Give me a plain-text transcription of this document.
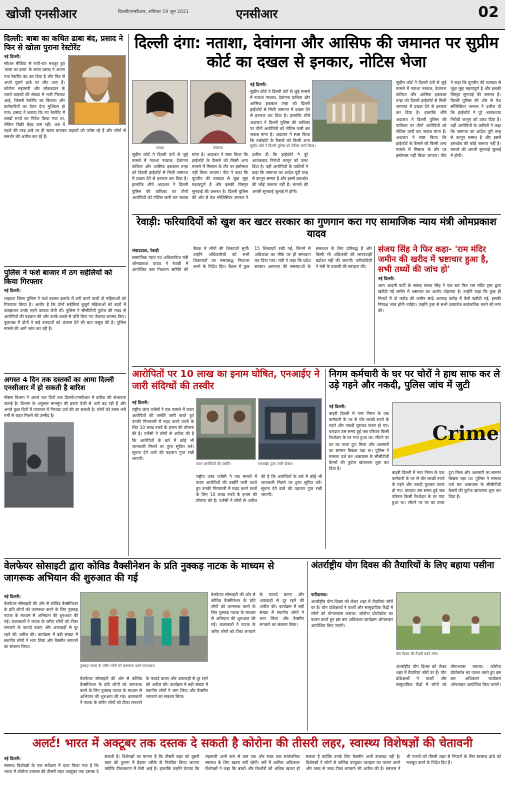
खोजी एनसीआर	दिल्ली/एनसीआर, शनिवार 19 जून 2021	एनसीआर	02
दिल्ली: बाबा का कथित ढाबा बंद, प्रसाद ने फिर से खोला पुराना रेस्टोरेंट
नई दिल्ली।
सोशल मीडिया से रातों-रात मशहूर हुए 'बाबा का ढाबा' के कांता प्रसाद ने अपना नया रेस्टोरेंट बंद कर दिया है और फिर से अपने पुराने ढाबे पर लौट आए हैं। कोरोना महामारी और लॉकडाउन के चलते ग्राहकों की संख्या में भारी गिरावट आई, जिससे रेस्टोरेंट का किराया और कर्मचारियों का वेतन देना मुश्किल हो गया। प्रसाद ने बताया कि नए रेस्टोरेंट में लाखों रुपये का निवेश किया गया था, लेकिन बिक्री बेहद कम रही। अब वे पहले की तरह ढाबे पर ही खाना बनाकर ग्राहकों को परोस रहे हैं और लोगों से समर्थन की अपील कर रहे हैं।
पुलिस ने फर्श बाजार में ठग सहेलियों को किया गिरफ्तार
नई दिल्ली।
शाहदरा जिला पुलिस ने फर्श बाजार इलाके में ठगी करने वाली दो महिलाओं को गिरफ्तार किया है। आरोप है कि दोनों सहेलियां बुजुर्ग महिलाओं को बातों में उलझाकर उनके गहने उतरवा लेती थीं। पुलिस ने सीसीटीवी फुटेज की मदद से आरोपियों की पहचान की और उनके कब्जे से चोरी किए गए जेवरात बरामद किए। पूछताछ में दोनों ने कई वारदातों को अंजाम देने की बात कबूल की है। पुलिस मामले की आगे जांच कर रही है।
अगस्त 4 दिन तक दस्तकों का आमा दिल्ली एनसीआर में हो सकती है बारिश
मौसम विभाग ने अगले चार दिनों तक दिल्ली-एनसीआर में बारिश की संभावना जताई है। विभाग के अनुसार मानसून की हवाएं तेजी से आगे बढ़ रही हैं और अगले कुछ दिनों में तापमान में गिरावट दर्ज की जा सकती है। लोगों को उमस भरी गर्मी से राहत मिलने की उम्मीद है।
दिल्ली दंगा: नताशा, देवांगना और आसिफ की जमानत पर सुप्रीम कोर्ट का दखल से इनकार, नोटिस भेजा
नताशा	देवांगना	सुप्रीम कोर्ट ने दिल्ली पुलिस को नोटिस जारी किया।
नई दिल्ली।
सुप्रीम कोर्ट ने दिल्ली दंगों से जुड़े मामले में नताशा नरवाल, देवांगना कलिता और आसिफ इकबाल तन्हा को दिल्ली हाईकोर्ट से मिली जमानत में दखल देने से इनकार कर दिया है। हालांकि शीर्ष अदालत ने दिल्ली पुलिस की याचिका पर तीनों आरोपियों को नोटिस जारी कर जवाब मांगा है। अदालत ने स्पष्ट किया कि हाईकोर्ट के फैसले को किसी अन्य
सुप्रीम कोर्ट ने दिल्ली दंगों से जुड़े मामले में नताशा नरवाल, देवांगना कलिता और आसिफ इकबाल तन्हा को दिल्ली हाईकोर्ट से मिली जमानत में दखल देने से इनकार कर दिया है। हालांकि शीर्ष अदालत ने दिल्ली पुलिस की याचिका पर तीनों आरोपियों को नोटिस जारी कर जवाब मांगा है। अदालत ने स्पष्ट किया कि हाईकोर्ट के फैसले को किसी अन्य मामले में मिसाल के तौर पर इस्तेमाल नहीं किया जाएगा। पीठ ने कहा कि यूएपीए की व्याख्या से जुड़ा मुद्दा महत्वपूर्ण है और इसकी विस्तृत सुनवाई की जरूरत है। दिल्ली पुलिस की ओर से पेश सॉलिसिटर जनरल ने दलील दी कि हाईकोर्ट ने पूरे आतंकवाद निरोधी कानून को उलट दिया है। वहीं आरोपियों के वकीलों ने कहा कि जमानत का आदेश पूरी तरह से कानून सम्मत है और इसमें हस्तक्षेप की कोई जरूरत नहीं है। मामले की अगली सुनवाई जुलाई में होगी।
सुप्रीम कोर्ट ने दिल्ली दंगों से जुड़े मामले में नताशा नरवाल, देवांगना कलिता और आसिफ इकबाल तन्हा को दिल्ली हाईकोर्ट से मिली जमानत में दखल देने से इनकार कर दिया है। हालांकि शीर्ष अदालत ने दिल्ली पुलिस की याचिका पर तीनों आरोपियों को नोटिस जारी कर जवाब मांगा है। अदालत ने स्पष्ट किया कि हाईकोर्ट के फैसले को किसी अन्य मामले में मिसाल के तौर पर इस्तेमाल नहीं किया जाएगा। पीठ ने कहा कि यूएपीए की व्याख्या से जुड़ा मुद्दा महत्वपूर्ण है और इसकी विस्तृत सुनवाई की जरूरत है। दिल्ली पुलिस की ओर से पेश सॉलिसिटर जनरल ने दलील दी कि हाईकोर्ट ने पूरे आतंकवाद निरोधी कानून को उलट दिया है। वहीं आरोपियों के वकीलों ने कहा कि जमानत का आदेश पूरी तरह से कानून सम्मत है और इसमें हस्तक्षेप की कोई जरूरत नहीं है। मामले की अगली सुनवाई जुलाई में होगी।
रेवाड़ी: फरियादियों को खुश कर खटर सरकार का गुणगान करा गए सामाजिक न्याय मंत्री ओमप्रकाश यादव
संवाददाता, रेवाड़ी
सामाजिक न्याय एवं अधिकारिता मंत्री ओमप्रकाश यादव ने रेवाड़ी में आयोजित कष्ट निवारण समिति की बैठक में लोगों की शिकायतें सुनीं। उन्होंने अधिकारियों को सभी शिकायतों का समयबद्ध निपटारा करने के निर्देश दिए। बैठक में कुल 15 शिकायतें रखी गईं, जिनमें से अधिकांश का मौके पर ही समाधान कर दिया गया। मंत्री ने कहा कि प्रदेश सरकार आमजन की समस्याओं के समाधान के लिए प्रतिबद्ध है और किसी भी अधिकारी की लापरवाही बर्दाश्त नहीं की जाएगी। फरियादियों ने मंत्री के प्रयासों की सराहना की।
संजय सिंह ने फिर कहा- 'राम मंदिर जमीन की खरीद में भ्रष्टाचार हुआ है, सभी तथ्यों की जांच हो'
नई दिल्ली।
आम आदमी पार्टी के सांसद संजय सिंह ने एक बार फिर राम मंदिर ट्रस्ट द्वारा खरीदी गई जमीन में भ्रष्टाचार का आरोप दोहराया है। उन्होंने कहा कि कुछ ही मिनटों में दो करोड़ की जमीन साढ़े अठारह करोड़ में कैसे खरीदी गई, इसकी निष्पक्ष जांच होनी चाहिए। उन्होंने ट्रस्ट से सभी दस्तावेज सार्वजनिक करने की मांग की।
आरोपितों पर 10 लाख का इनाम घोषित, एनआईए ने जारी संदिग्धों की तस्वीर
नई दिल्ली।
राष्ट्रीय जांच एजेंसी ने एक मामले में फरार आरोपितों की तस्वीरें जारी करते हुए उनकी गिरफ्तारी में मदद करने वालों के लिए 10 लाख रुपये के इनाम की घोषणा की है। एजेंसी ने लोगों से अपील की है कि आरोपितों के बारे में कोई भी जानकारी मिलने पर तुरंत सूचित करें। सूचना देने वाले की पहचान गुप्त रखी जाएगी।
फरार आरोपितों की तस्वीरें।	एनआईए द्वारा जारी पोस्टर।
राष्ट्रीय जांच एजेंसी ने एक मामले में फरार आरोपितों की तस्वीरें जारी करते हुए उनकी गिरफ्तारी में मदद करने वालों के लिए 10 लाख रुपये के इनाम की घोषणा की है। एजेंसी ने लोगों से अपील की है कि आरोपितों के बारे में कोई भी जानकारी मिलने पर तुरंत सूचित करें। सूचना देने वाले की पहचान गुप्त रखी जाएगी।
निगम कर्मचारी के घर पर चोरों ने हाथ साफ कर ले उड़े गहने और नकदी, पुलिस जांच में जुटी
नई दिल्ली।
बाहरी दिल्ली में नगर निगम के एक कर्मचारी के घर से चोर लाखों रुपये के गहने और नकदी चुराकर फरार हो गए। वारदात उस समय हुई जब परिवार किसी रिश्तेदार के घर गया हुआ था। लौटने पर घर का ताला टूटा मिला और अलमारी का सामान बिखरा पड़ा था। पुलिस ने मामला दर्ज कर आसपास के सीसीटीवी कैमरों की फुटेज खंगालना शुरू कर दिया है।
Crime
बाहरी दिल्ली में नगर निगम के एक कर्मचारी के घर से चोर लाखों रुपये के गहने और नकदी चुराकर फरार हो गए। वारदात उस समय हुई जब परिवार किसी रिश्तेदार के घर गया हुआ था। लौटने पर घर का ताला टूटा मिला और अलमारी का सामान बिखरा पड़ा था। पुलिस ने मामला दर्ज कर आसपास के सीसीटीवी कैमरों की फुटेज खंगालना शुरू कर दिया है।
वेलफेयर सोसाइटी द्वारा कोविड वैक्सीनेशन के प्रति नुक्कड़ नाटक के माध्यम से जागरूक अभियान की शुरुआत की गई
नई दिल्ली।
वेलफेयर सोसाइटी की ओर से कोविड वैक्सीनेशन के प्रति लोगों को जागरूक करने के लिए नुक्कड़ नाटक के माध्यम से अभियान की शुरुआत की गई। कलाकारों ने नाटक के जरिए लोगों को टीका लगवाने के फायदे बताए और अफवाहों से दूर रहने की अपील की। कार्यक्रम में बड़ी संख्या में स्थानीय लोगों ने भाग लिया और वैक्सीन लगवाने का संकल्प लिया।
नुक्कड़ नाटक के जरिए लोगों को जागरूक करते कलाकार।
वेलफेयर सोसाइटी की ओर से कोविड वैक्सीनेशन के प्रति लोगों को जागरूक करने के लिए नुक्कड़ नाटक के माध्यम से अभियान की शुरुआत की गई। कलाकारों ने नाटक के जरिए लोगों को टीका लगवाने के फायदे बताए और अफवाहों से दूर रहने की अपील की। कार्यक्रम में बड़ी संख्या में स्थानीय लोगों ने भाग लिया और वैक्सीन लगवाने का संकल्प लिया।
वेलफेयर सोसाइटी की ओर से कोविड वैक्सीनेशन के प्रति लोगों को जागरूक करने के लिए नुक्कड़ नाटक के माध्यम से अभियान की शुरुआत की गई। कलाकारों ने नाटक के जरिए लोगों को टीका लगवाने के फायदे बताए और अफवाहों से दूर रहने की अपील की। कार्यक्रम में बड़ी संख्या में स्थानीय लोगों ने भाग लिया और वैक्सीन लगवाने का संकल्प लिया।
अंतर्राष्ट्रीय योग दिवस की तैयारियों के लिए बहाया पसीना
फरीदाबाद।
अंतर्राष्ट्रीय योग दिवस को लेकर शहर में तैयारियां जोरों पर हैं। योग प्रशिक्षकों ने पार्कों और सामुदायिक केंद्रों में लोगों को योगाभ्यास कराया। कोरोना प्रोटोकॉल का पालन करते हुए इस बार अधिकतर कार्यक्रम ऑनलाइन आयोजित किए जाएंगे।
योग दिवस की तैयारी करते लोग।
अंतर्राष्ट्रीय योग दिवस को लेकर शहर में तैयारियां जोरों पर हैं। योग प्रशिक्षकों ने पार्कों और सामुदायिक केंद्रों में लोगों को योगाभ्यास कराया। कोरोना प्रोटोकॉल का पालन करते हुए इस बार अधिकतर कार्यक्रम ऑनलाइन आयोजित किए जाएंगे।
अलर्ट! भारत में अक्टूबर तक दस्तक दे सकती है कोरोना की तीसरी लहर, स्वास्थ्य विशेषज्ञों की चेतावनी
नई दिल्ली।
स्वास्थ्य विशेषज्ञों के एक सर्वेक्षण में दावा किया गया है कि भारत में कोरोना वायरस की तीसरी लहर अक्टूबर तक दस्तक दे सकती है। विशेषज्ञों का मानना है कि तीसरी लहर को दूसरी लहर की तुलना में बेहतर तरीके से नियंत्रित किया जाएगा क्योंकि टीकाकरण में तेजी आई है। हालांकि उन्होंने चेताया कि महामारी अभी कम से कम एक और साल तक सार्वजनिक स्वास्थ्य के लिए खतरा बनी रहेगी। सर्वे में शामिल अधिकतर विशेषज्ञों ने कहा कि बच्चों और किशोरों को अधिक खतरा हो सकता है क्योंकि उनके लिए वैक्सीन अभी उपलब्ध नहीं है। विशेषज्ञों ने लोगों से कोविड उपयुक्त व्यवहार का पालन करने और जल्द से जल्द टीका लगवाने की अपील की है। सरकार ने भी राज्यों को तीसरी लहर से निपटने के लिए स्वास्थ्य ढांचे को मजबूत करने के निर्देश दिए हैं।
